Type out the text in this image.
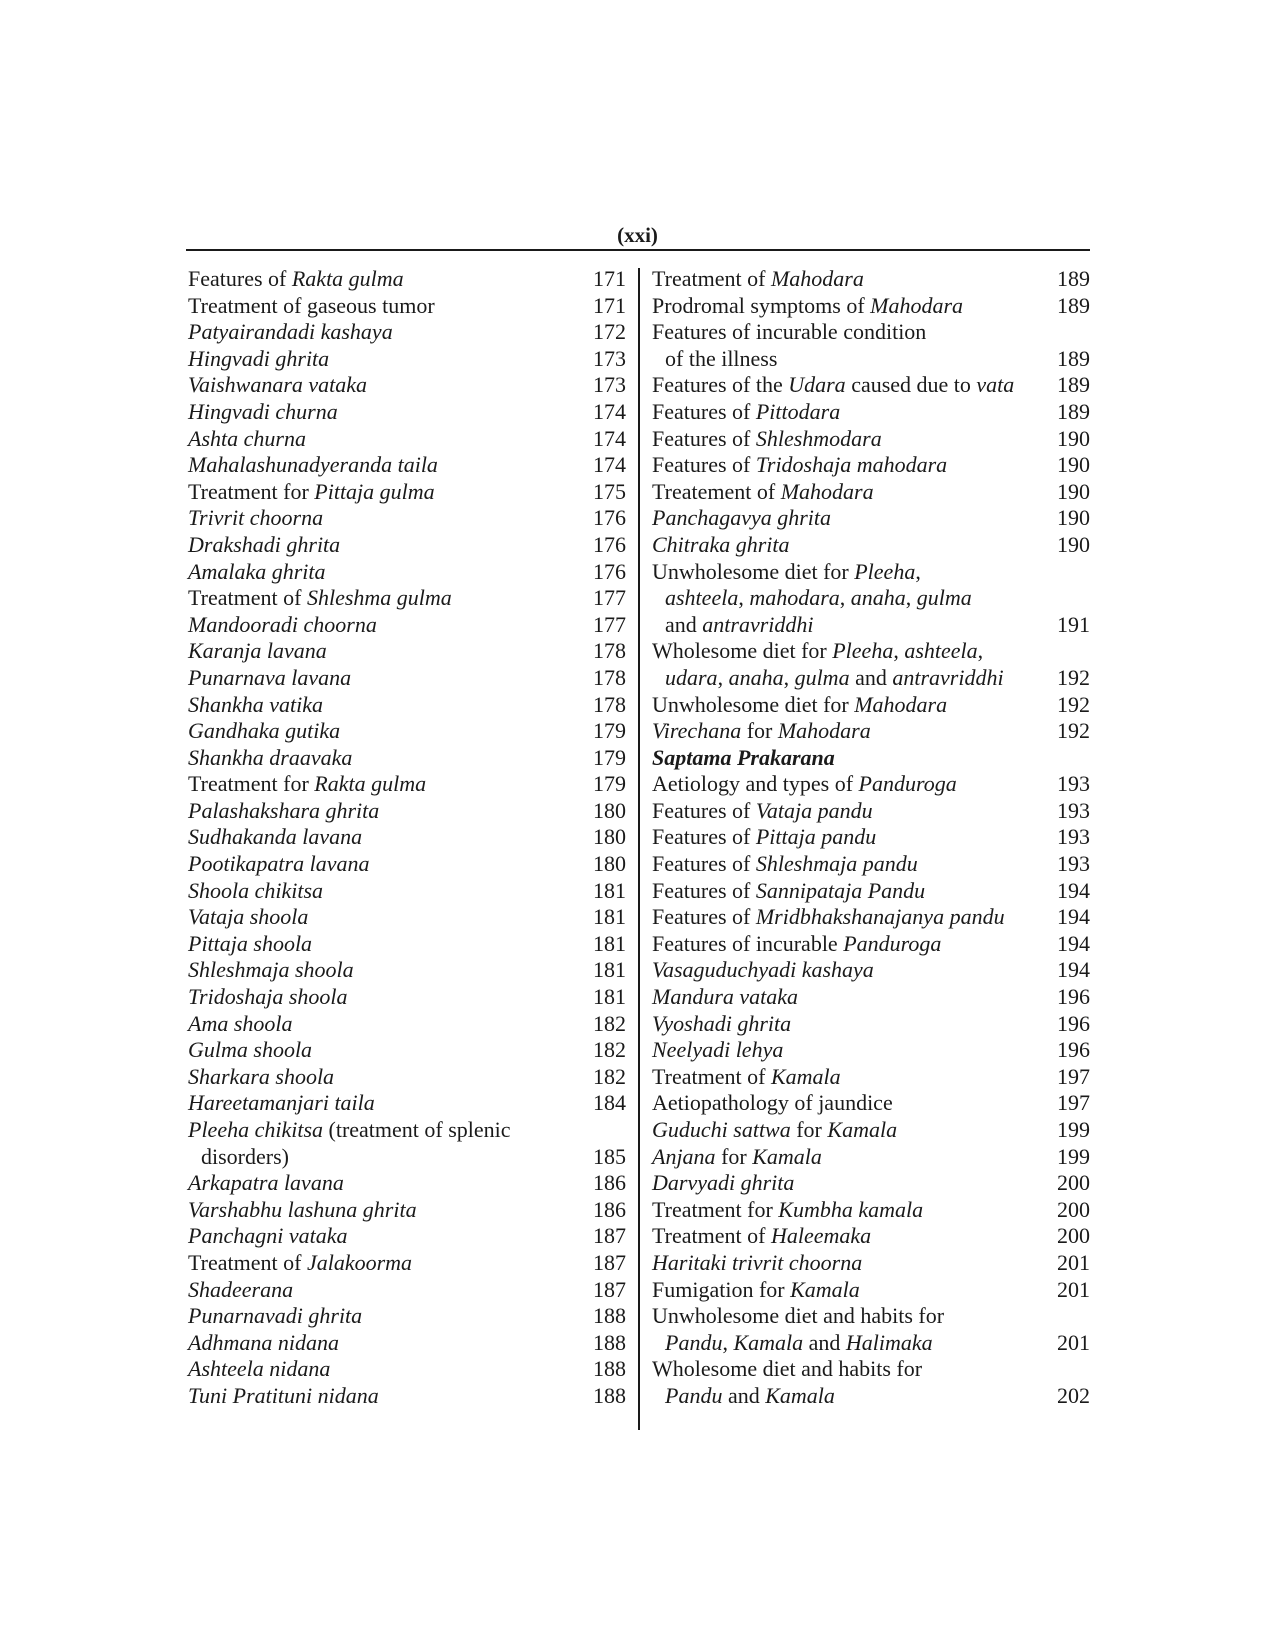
(xxi)
Features of Rakta gulma	171
Treatment of gaseous tumor	171
Patyairandadi kashaya	172
Hingvadi ghrita	173
Vaishwanara vataka	173
Hingvadi churna	174
Ashta churna	174
Mahalashunadyeranda taila	174
Treatment for Pittaja gulma	175
Trivrit choorna	176
Drakshadi ghrita	176
Amalaka ghrita	176
Treatment of Shleshma gulma	177
Mandooradi choorna	177
Karanja lavana	178
Punarnava lavana	178
Shankha vatika	178
Gandhaka gutika	179
Shankha draavaka	179
Treatment for Rakta gulma	179
Palashakshara ghrita	180
Sudhakanda lavana	180
Pootikapatra lavana	180
Shoola chikitsa	181
Vataja shoola	181
Pittaja shoola	181
Shleshmaja shoola	181
Tridoshaja shoola	181
Ama shoola	182
Gulma shoola	182
Sharkara shoola	182
Hareetamanjari taila	184
Pleeha chikitsa (treatment of splenic
disorders)	185
Arkapatra lavana	186
Varshabhu lashuna ghrita	186
Panchagni vataka	187
Treatment of Jalakoorma	187
Shadeerana	187
Punarnavadi ghrita	188
Adhmana nidana	188
Ashteela nidana	188
Tuni Pratituni nidana	188
Treatment of Mahodara	189
Prodromal symptoms of Mahodara	189
Features of incurable condition
of the illness	189
Features of the Udara caused due to vata 189
Features of Pittodara	189
Features of Shleshmodara	190
Features of Tridoshaja mahodara	190
Treatement of Mahodara	190
Panchagavya ghrita	190
Chitraka ghrita	190
Unwholesome diet for Pleeha,
ashteela, mahodara, anaha, gulma
and antravriddhi	191
Wholesome diet for Pleeha, ashteela,
udara, anaha, gulma and antravriddhi 192
Unwholesome diet for Mahodara	192
Virechana for Mahodara	192
Saptama Prakarana
Aetiology and types of Panduroga	193
Features of Vataja pandu	193
Features of Pittaja pandu	193
Features of Shleshmaja pandu	193
Features of Sannipataja Pandu	194
Features of Mridbhakshanajanya pandu 194
Features of incurable Panduroga	194
Vasaguduchyadi kashaya	194
Mandura vataka	196
Vyoshadi ghrita	196
Neelyadi lehya	196
Treatment of Kamala	197
Aetiopathology of jaundice	197
Guduchi sattwa for Kamala	199
Anjana for Kamala	199
Darvyadi ghrita	200
Treatment for Kumbha kamala	200
Treatment of Haleemaka	200
Haritaki trivrit choorna	201
Fumigation for Kamala	201
Unwholesome diet and habits for
Pandu, Kamala and Halimaka	201
Wholesome diet and habits for
Pandu and Kamala	202
